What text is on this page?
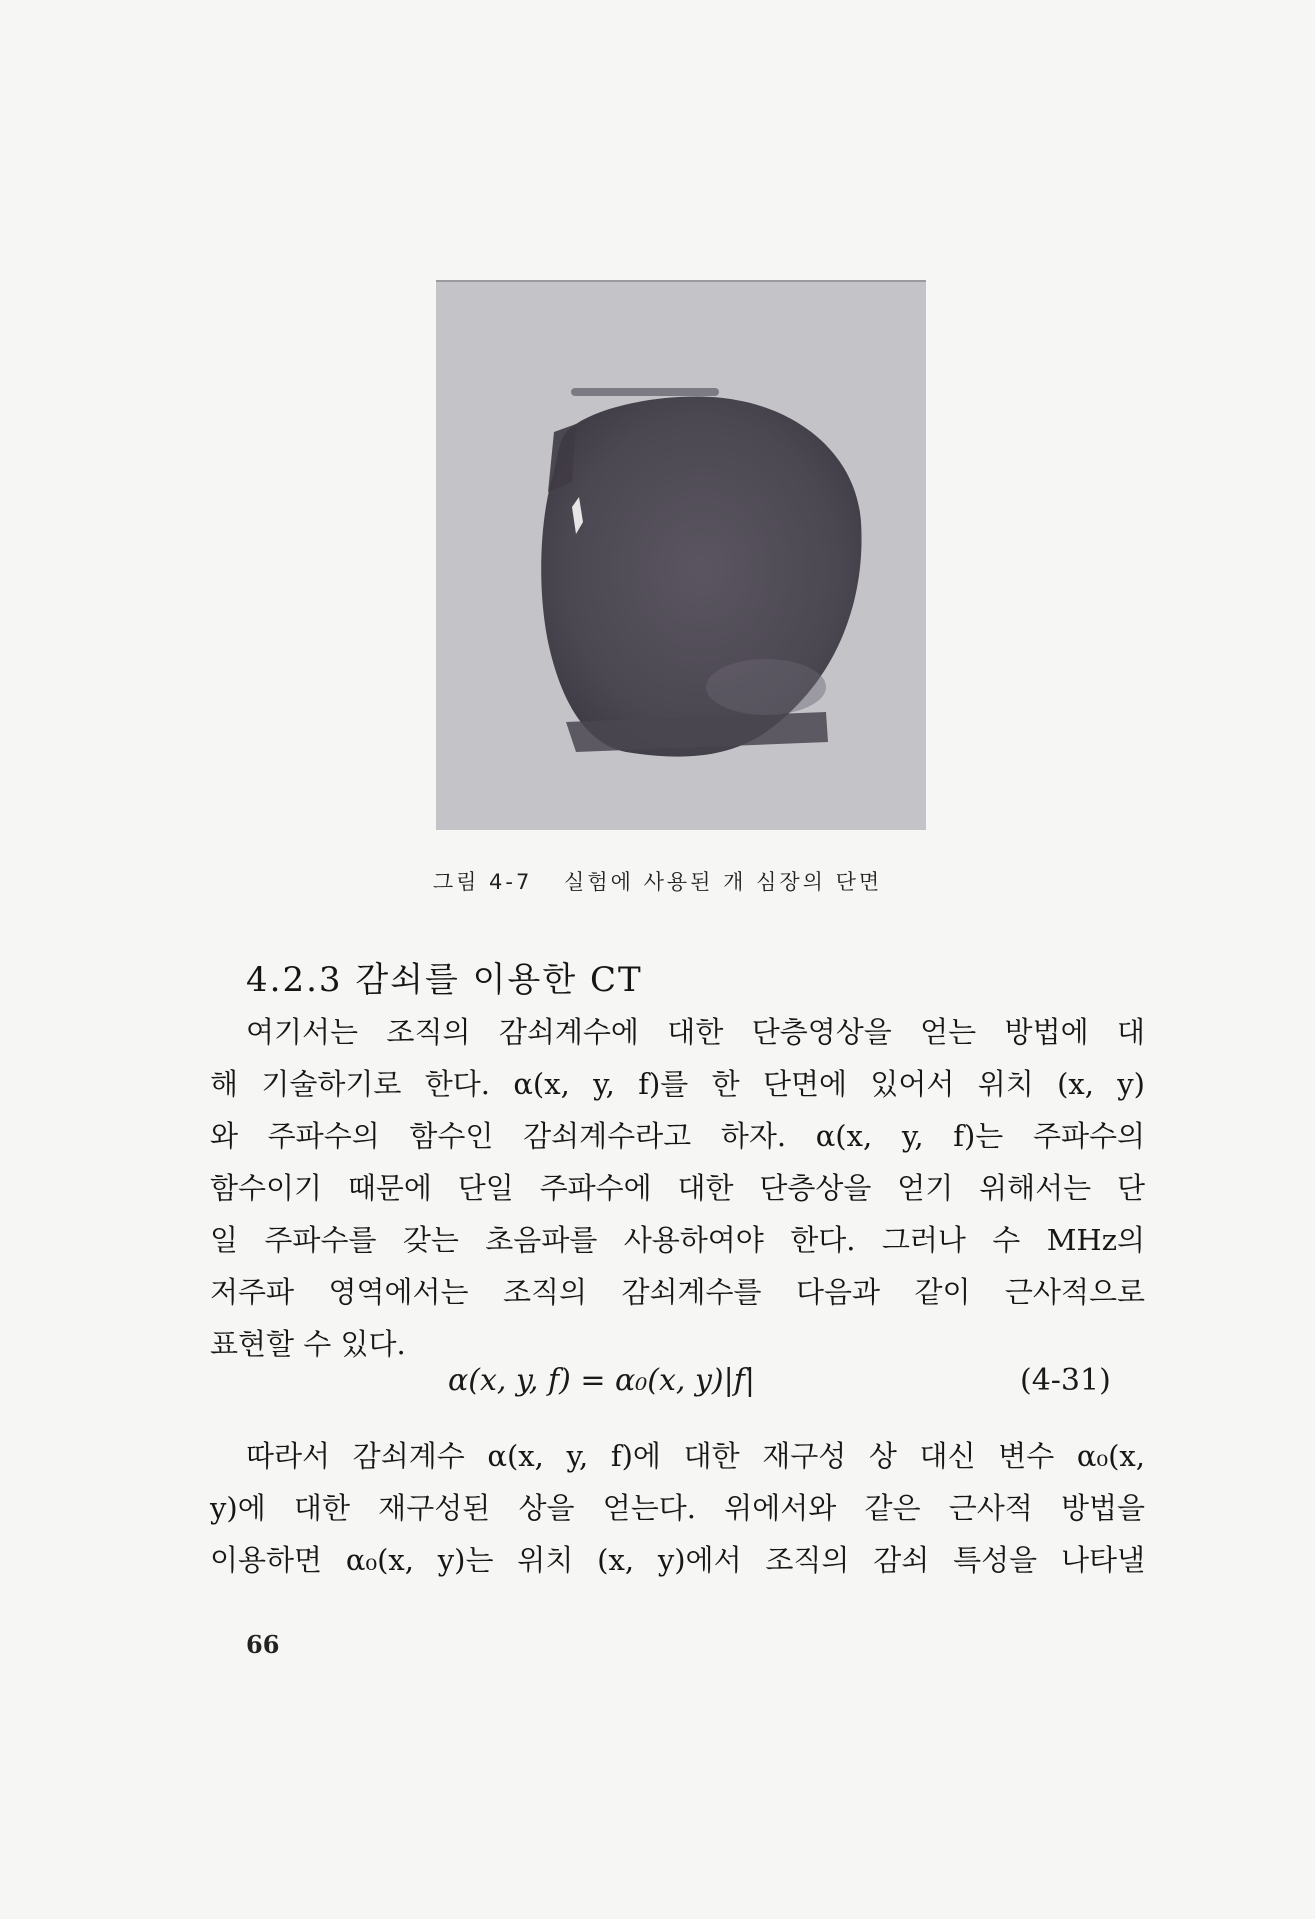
그림 4-7 실험에 사용된 개 심장의 단면
4.2.3 감쇠를 이용한 CT
여기서는 조직의 감쇠계수에 대한 단층영상을 얻는 방법에 대
해 기술하기로 한다. α(x, y, f)를 한 단면에 있어서 위치 (x, y)
와 주파수의 함수인 감쇠계수라고 하자. α(x, y, f)는 주파수의
함수이기 때문에 단일 주파수에 대한 단층상을 얻기 위해서는 단
일 주파수를 갖는 초음파를 사용하여야 한다. 그러나 수 MHz의
저주파 영역에서는 조직의 감쇠계수를 다음과 같이 근사적으로
표현할 수 있다.
α(x, y, f) = α₀(x, y)|f|	(4-31)
따라서 감쇠계수 α(x, y, f)에 대한 재구성 상 대신 변수 α₀(x,
y)에 대한 재구성된 상을 얻는다. 위에서와 같은 근사적 방법을
이용하면 α₀(x, y)는 위치 (x, y)에서 조직의 감쇠 특성을 나타낼
66
